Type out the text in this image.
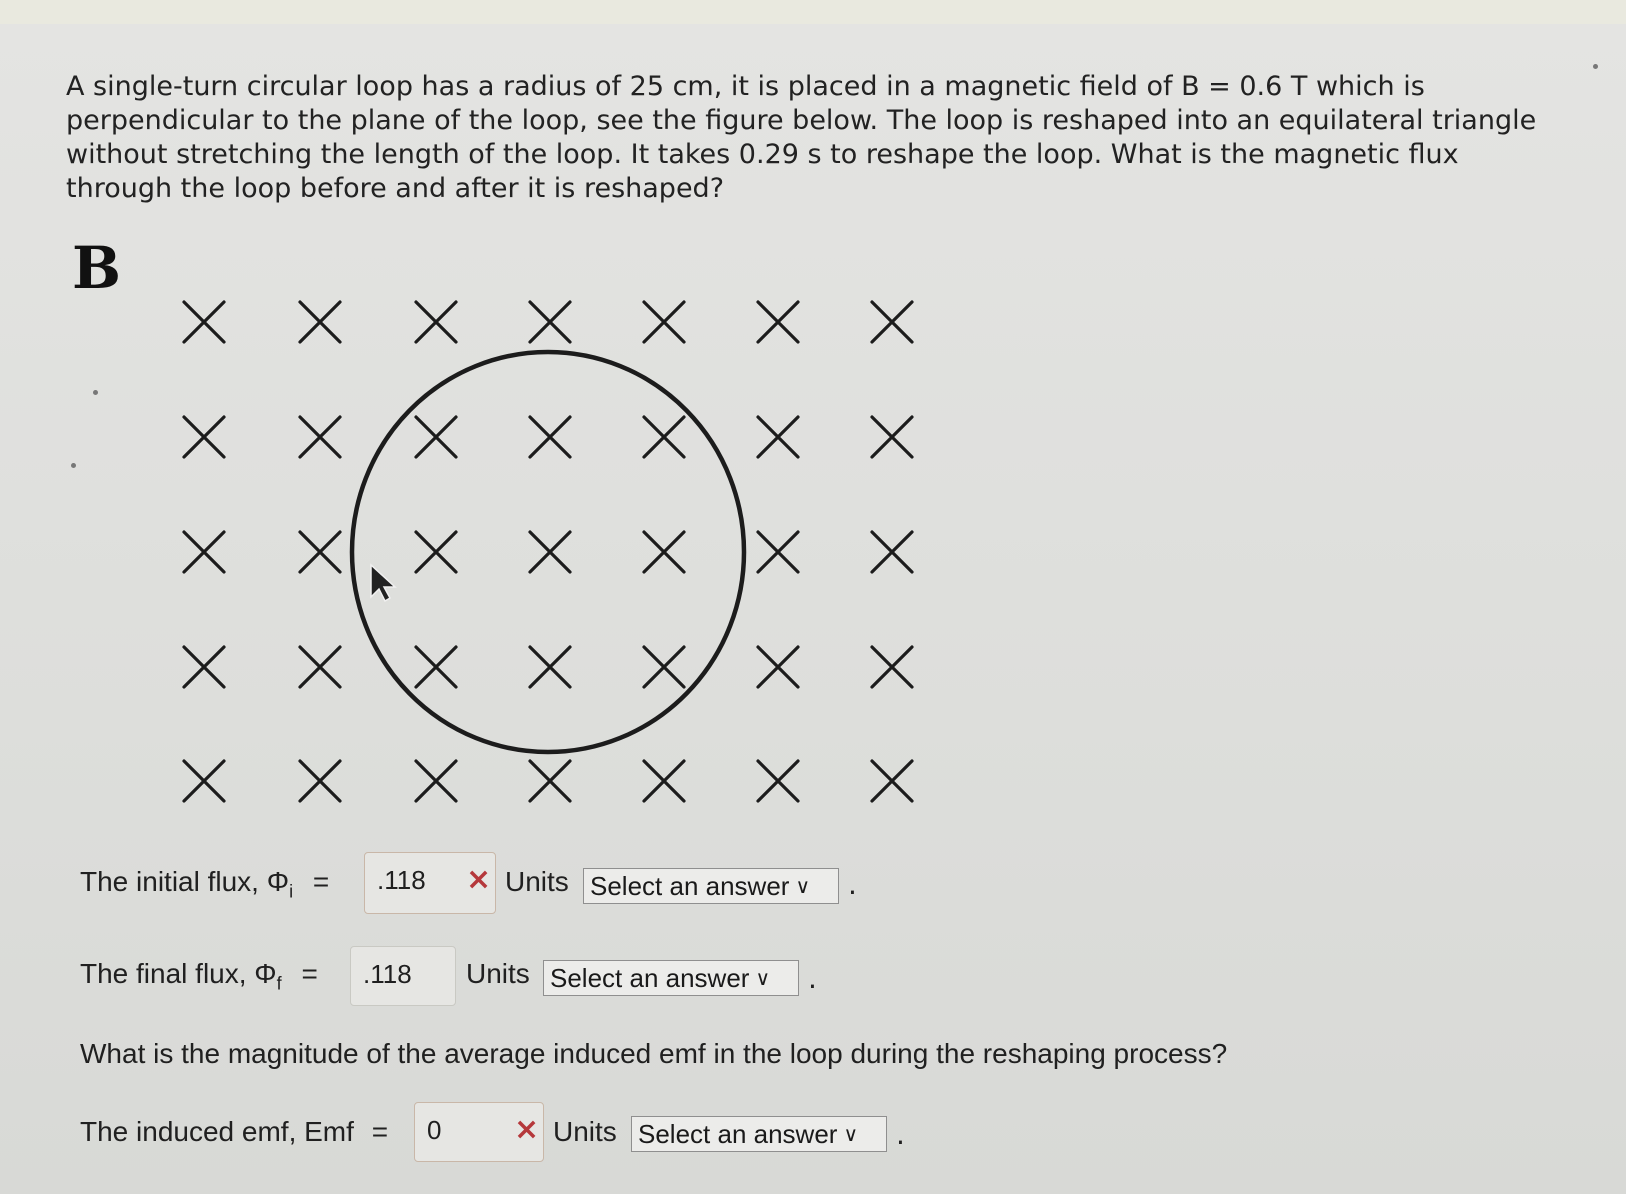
A single-turn circular loop has a radius of 25 cm, it is placed in a magnetic field of B = 0.6 T which is perpendicular to the plane of the loop, see the figure below. The loop is reshaped into an equilateral triangle without stretching the length of the loop. It takes 0.29 s to reshape the loop. What is the magnetic flux through the loop before and after it is reshaped?
B
The initial flux, $\Phi_i$ =	.118	× Units Select an answer ∨	.
The final flux, $\Phi_f$ =	.118	Units Select an answer ∨	.
What is the magnitude of the average induced emf in the loop during the reshaping process?
The induced emf, Emf =	0	× Units Select an answer ∨	.
